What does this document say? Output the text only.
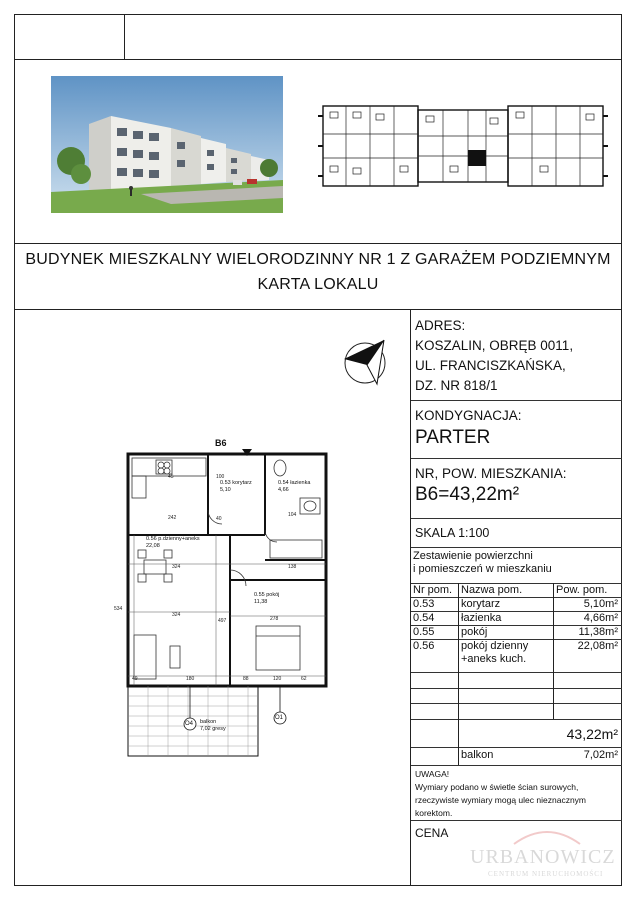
BUDYNEK MIESZKALNY WIELORODZINNY NR 1 Z GARAŻEM PODZIEMNYM
KARTA LOKALU
242
324
324
534
497	278
180	88	120	62
100
40
138
104
49
45
B6
0.53 korytarz
5,10
0.54 łazienka
4,66
0.56 p.dzienny+aneks
22,08
0.55 pokój
11,38
balkon
7,02 gresy
O4
O1
ADRES:
KOSZALIN, OBRĘB 0011,
UL. FRANCISZKAŃSKA,
DZ. NR 818/1
KONDYGNACJA:
PARTER
NR, POW. MIESZKANIA:
B6=43,22m²
SKALA 1:100
Zestawienie powierzchni
i pomieszczeń w mieszkaniu
Nr pom. Nazwa pom.	Pow. pom.
0.53 korytarz	5,10m²
0.54 łazienka	4,66m²
0.55 pokój	11,38m²
0.56 pokój dzienny	22,08m²
+aneks kuch.
43,22m²
balkon	7,02m²
UWAGA!
Wymiary podano w świetle ścian surowych,
rzeczywiste wymiary mogą ulec nieznacznym
korektom.
CENA
URBANOWICZ
CENTRUM NIERUCHOMOŚCI
